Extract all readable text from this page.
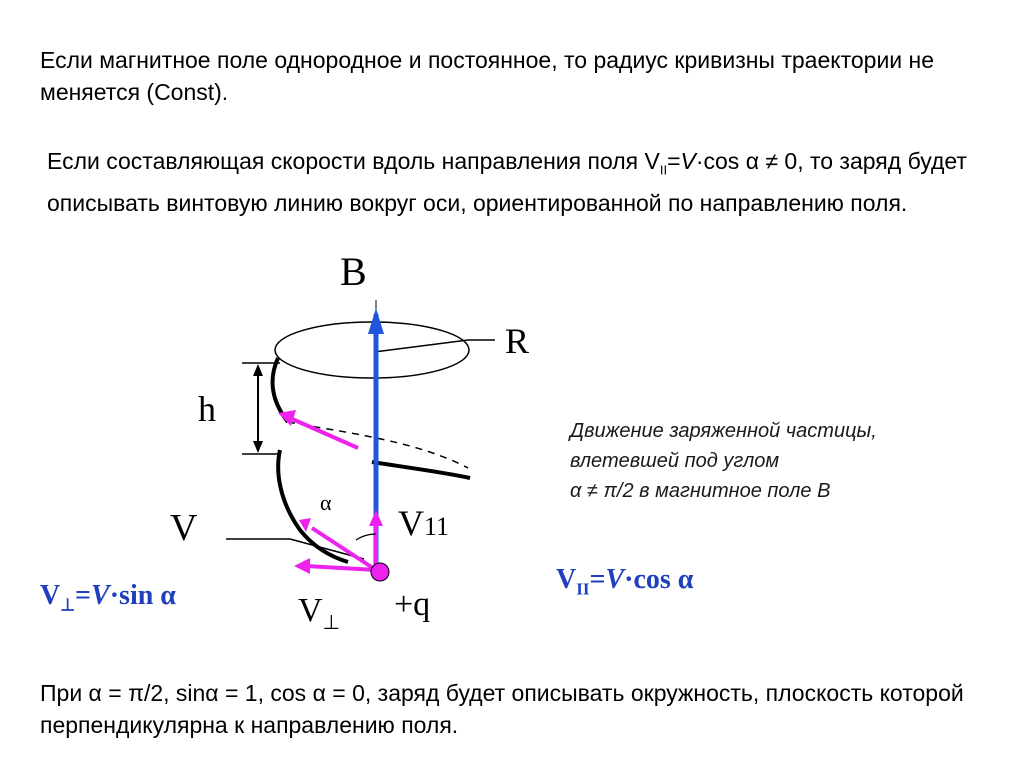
Если магнитное поле однородное и постоянное, то радиус кривизны траектории не меняется (Const).

Если составляющая скорости вдоль направления поля $V_{II}=V\cdot\cos$ α ≠ 0, то заряд будет описывать винтовую линию вокруг оси, ориентированной по направлению поля.

B
R
h
V
α
V11
$V_\perp +q$
Движение заряженной частицы,
влетевшей под углом
α ≠ π/2 в магнитное поле В
$V_\perp=V\cdot\sin$ α
$V_{II}=V\cdot\cos$ α

При α = π/2, sinα = 1, cos α = 0, заряд будет описывать окружность, плоскость которой перпендикулярна к направлению поля.
